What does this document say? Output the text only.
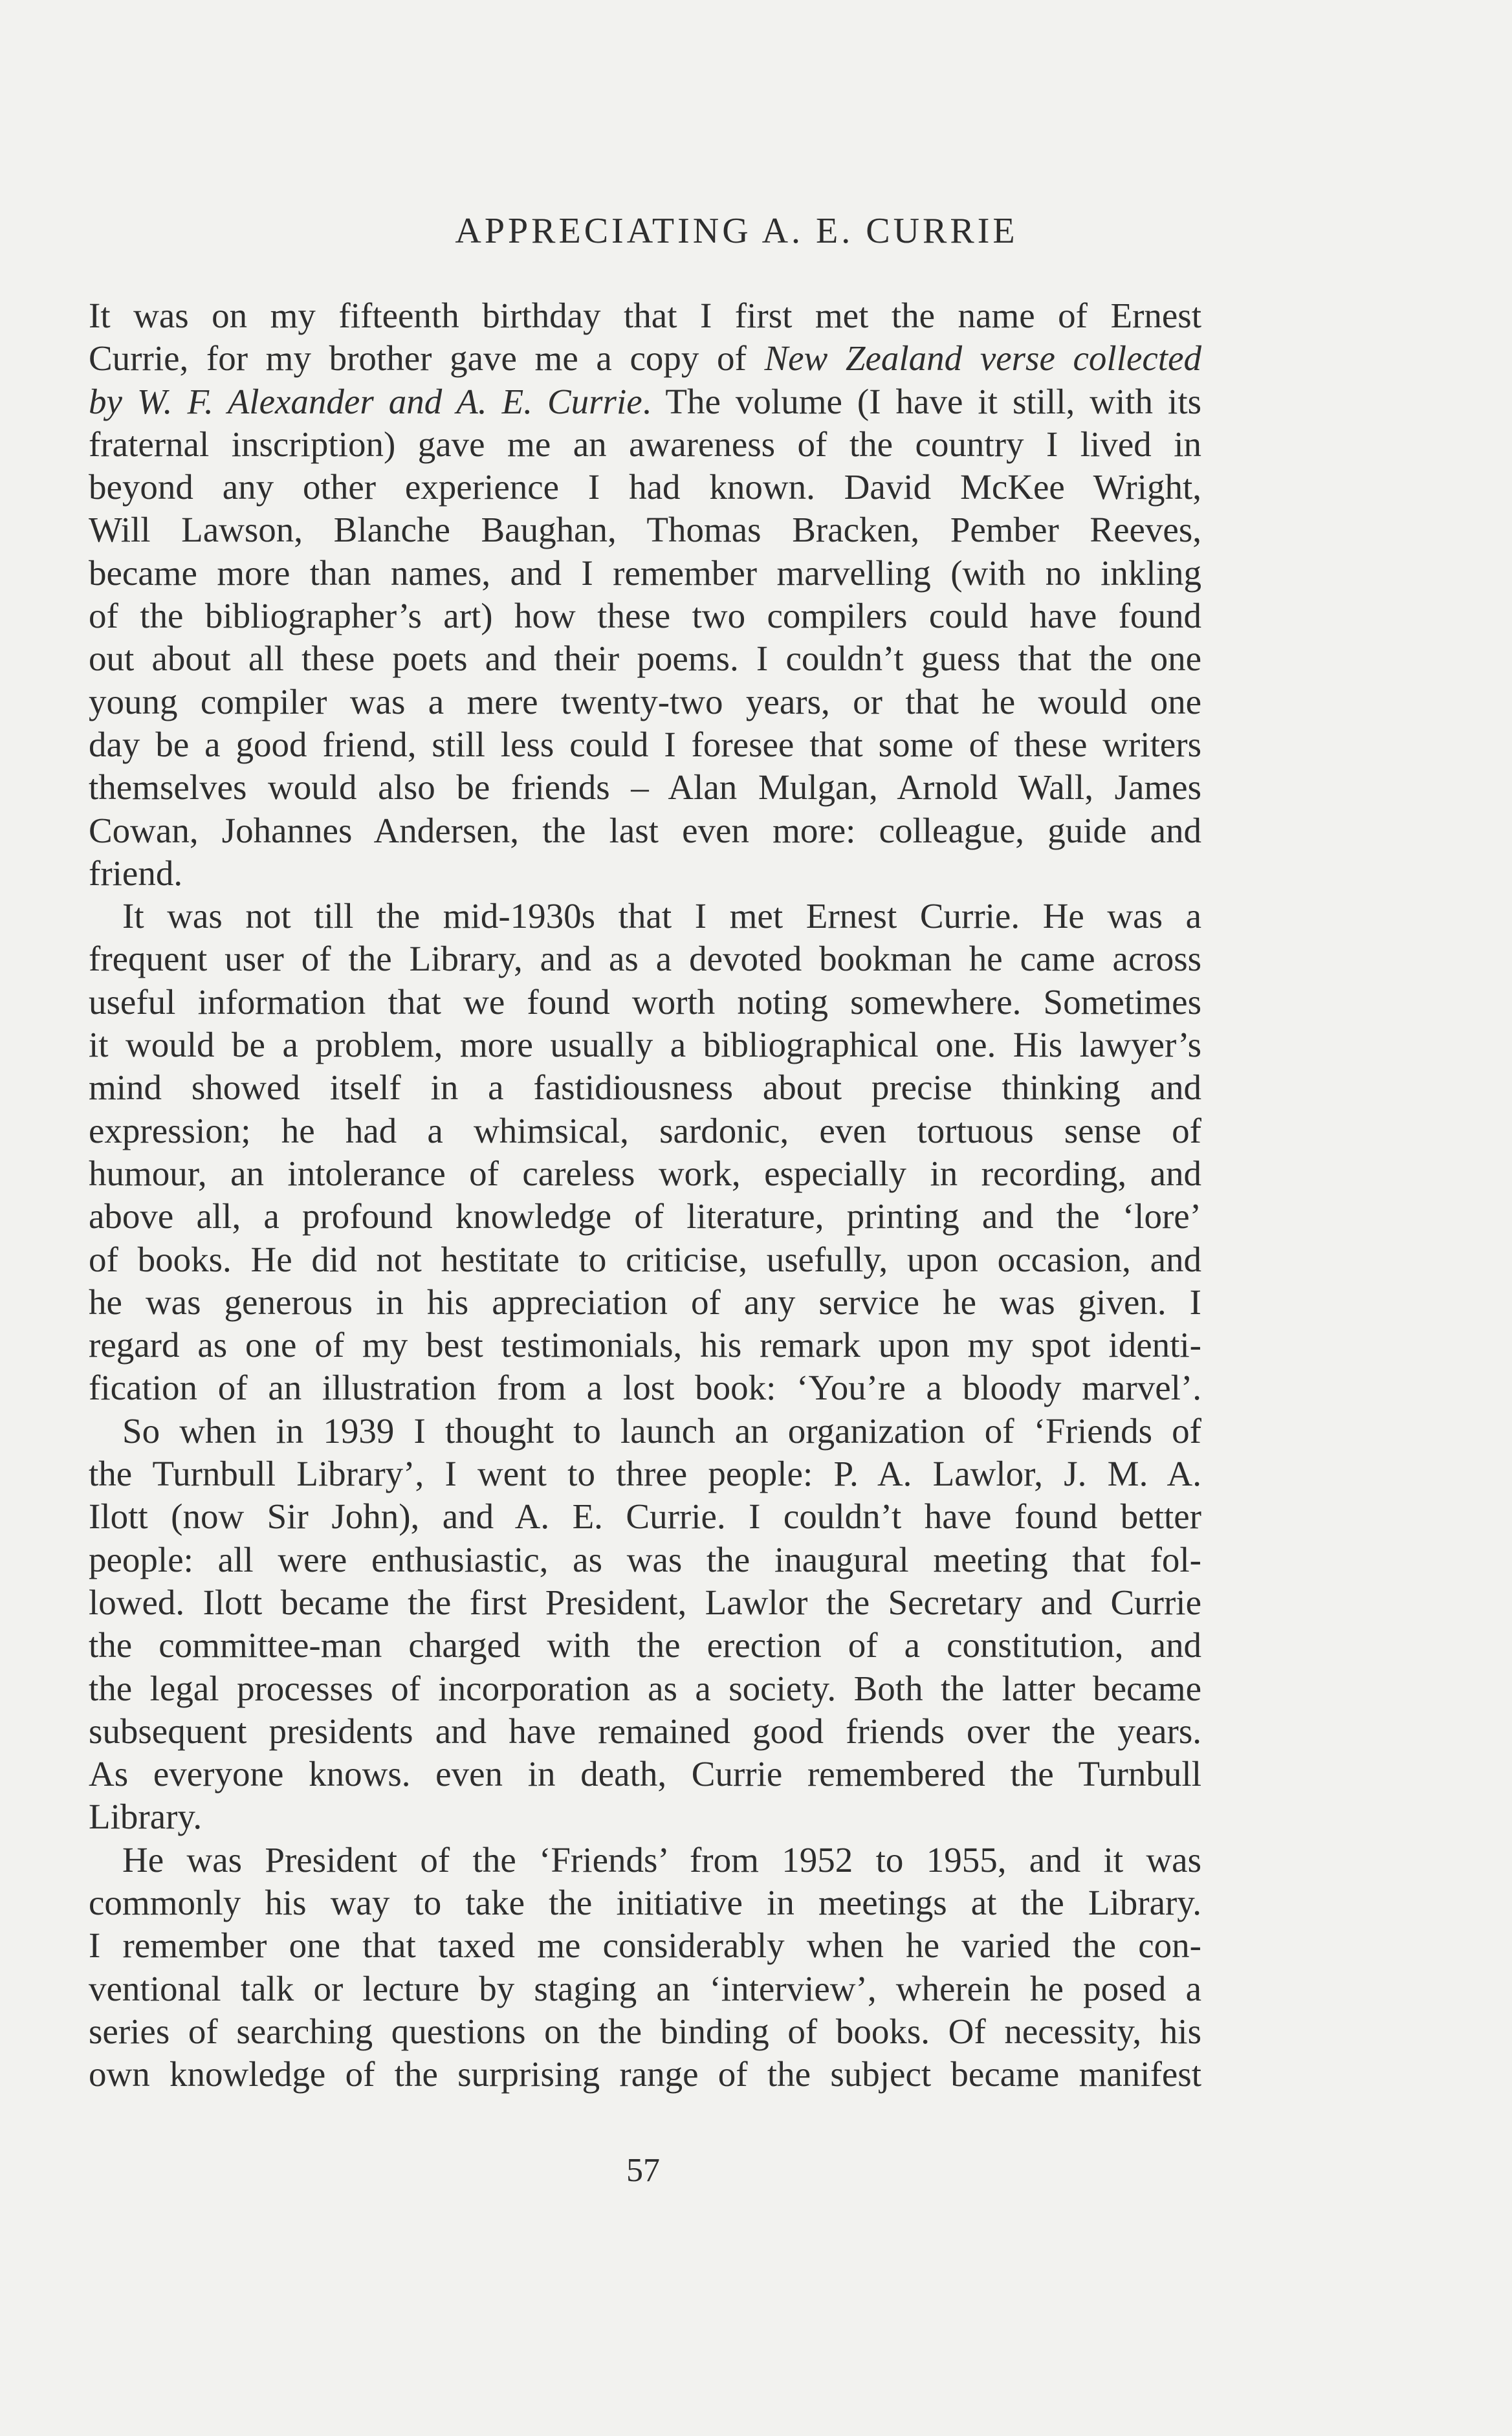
APPRECIATING A. E. CURRIE
It was on my fifteenth birthday that I first met the name of Ernest
Currie, for my brother gave me a copy of New Zealand verse collected
by W. F. Alexander and A. E. Currie. The volume (I have it still, with its
fraternal inscription) gave me an awareness of the country I lived in
beyond any other experience I had known. David McKee Wright,
Will Lawson, Blanche Baughan, Thomas Bracken, Pember Reeves,
became more than names, and I remember marvelling (with no inkling
of the bibliographer’s art) how these two compilers could have found
out about all these poets and their poems. I couldn’t guess that the one
young compiler was a mere twenty-two years, or that he would one
day be a good friend, still less could I foresee that some of these writers
themselves would also be friends – Alan Mulgan, Arnold Wall, James
Cowan, Johannes Andersen, the last even more: colleague, guide and
friend.
It was not till the mid-1930s that I met Ernest Currie. He was a
frequent user of the Library, and as a devoted bookman he came across
useful information that we found worth noting somewhere. Sometimes
it would be a problem, more usually a bibliographical one. His lawyer’s
mind showed itself in a fastidiousness about precise thinking and
expression; he had a whimsical, sardonic, even tortuous sense of
humour, an intolerance of careless work, especially in recording, and
above all, a profound knowledge of literature, printing and the ‘lore’
of books. He did not hestitate to criticise, usefully, upon occasion, and
he was generous in his appreciation of any service he was given. I
regard as one of my best testimonials, his remark upon my spot identi-
fication of an illustration from a lost book: ‘You’re a bloody marvel’.
So when in 1939 I thought to launch an organization of ‘Friends of
the Turnbull Library’, I went to three people: P. A. Lawlor, J. M. A.
Ilott (now Sir John), and A. E. Currie. I couldn’t have found better
people: all were enthusiastic, as was the inaugural meeting that fol-
lowed. Ilott became the first President, Lawlor the Secretary and Currie
the committee-man charged with the erection of a constitution, and
the legal processes of incorporation as a society. Both the latter became
subsequent presidents and have remained good friends over the years.
As everyone knows. even in death, Currie remembered the Turnbull
Library.
He was President of the ‘Friends’ from 1952 to 1955, and it was
commonly his way to take the initiative in meetings at the Library.
I remember one that taxed me considerably when he varied the con-
ventional talk or lecture by staging an ‘interview’, wherein he posed a
series of searching questions on the binding of books. Of necessity, his
own knowledge of the surprising range of the subject became manifest
57
